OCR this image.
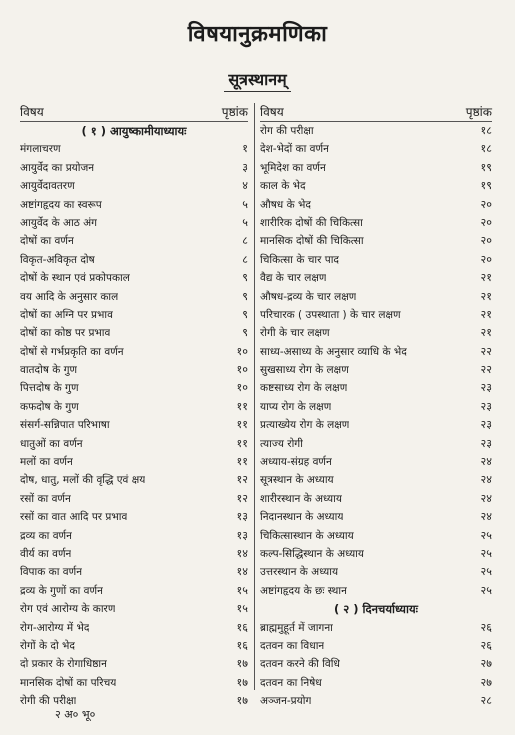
विषयानुक्रमणिका
सूत्रस्थानम्
विषय	पृष्ठांक
( १ ) आयुष्कामीयाध्यायः
मंगलाचरण	१
आयुर्वेद का प्रयोजन	३
आयुर्वेदावतरण	४
अष्टांगहृदय का स्वरूप	५
आयुर्वेद के आठ अंग	५
दोषों का वर्णन	८
विकृत-अविकृत दोष	८
दोषों के स्थान एवं प्रकोपकाल	९
वय आदि के अनुसार काल	९
दोषों का अग्नि पर प्रभाव	९
दोषों का कोष्ठ पर प्रभाव	९
दोषों से गर्भप्रकृति का वर्णन	१०
वातदोष के गुण	१०
पित्तदोष के गुण	१०
कफदोष के गुण	११
संसर्ग-सन्निपात परिभाषा	११
धातुओं का वर्णन	११
मलों का वर्णन	११
दोष, धातु, मलों की वृद्धि एवं क्षय	१२
रसों का वर्णन	१२
रसों का वात आदि पर प्रभाव	१३
द्रव्य का वर्णन	१३
वीर्य का वर्णन	१४
विपाक का वर्णन	१४
द्रव्य के गुणों का वर्णन	१५
रोग एवं आरोग्य के कारण	१५
रोग-आरोग्य में भेद	१६
रोगों के दो भेद	१६
दो प्रकार के रोगाधिष्ठान	१७
मानसिक दोषों का परिचय	१७
रोगी की परीक्षा	१७
विषय	पृष्ठांक
रोग की परीक्षा	१८
देश-भेदों का वर्णन	१८
भूमिदेश का वर्णन	१९
काल के भेद	१९
औषध के भेद	२०
शारीरिक दोषों की चिकित्सा	२०
मानसिक दोषों की चिकित्सा	२०
चिकित्सा के चार पाद	२०
वैद्य के चार लक्षण	२१
औषध-द्रव्य के चार लक्षण	२१
परिचारक ( उपस्थाता ) के चार लक्षण	२१
रोगी के चार लक्षण	२१
साध्य-असाध्य के अनुसार व्याधि के भेद	२२
सुखसाध्य रोग के लक्षण	२२
कष्टसाध्य रोग के लक्षण	२३
याप्य रोग के लक्षण	२३
प्रत्याख्येय रोग के लक्षण	२३
त्याज्य रोगी	२३
अध्याय-संग्रह वर्णन	२४
सूत्रस्थान के अध्याय	२४
शारीरस्थान के अध्याय	२४
निदानस्थान के अध्याय	२४
चिकित्सास्थान के अध्याय	२५
कल्प-सिद्धिस्थान के अध्याय	२५
उत्तरस्थान के अध्याय	२५
अष्टांगहृदय के छः स्थान	२५
( २ ) दिनचर्याध्यायः
ब्राह्ममुहूर्त में जागना	२६
दतवन का विधान	२६
दतवन करने की विधि	२७
दतवन का निषेध	२७
अञ्जन-प्रयोग	२८
२ अ० भू०
